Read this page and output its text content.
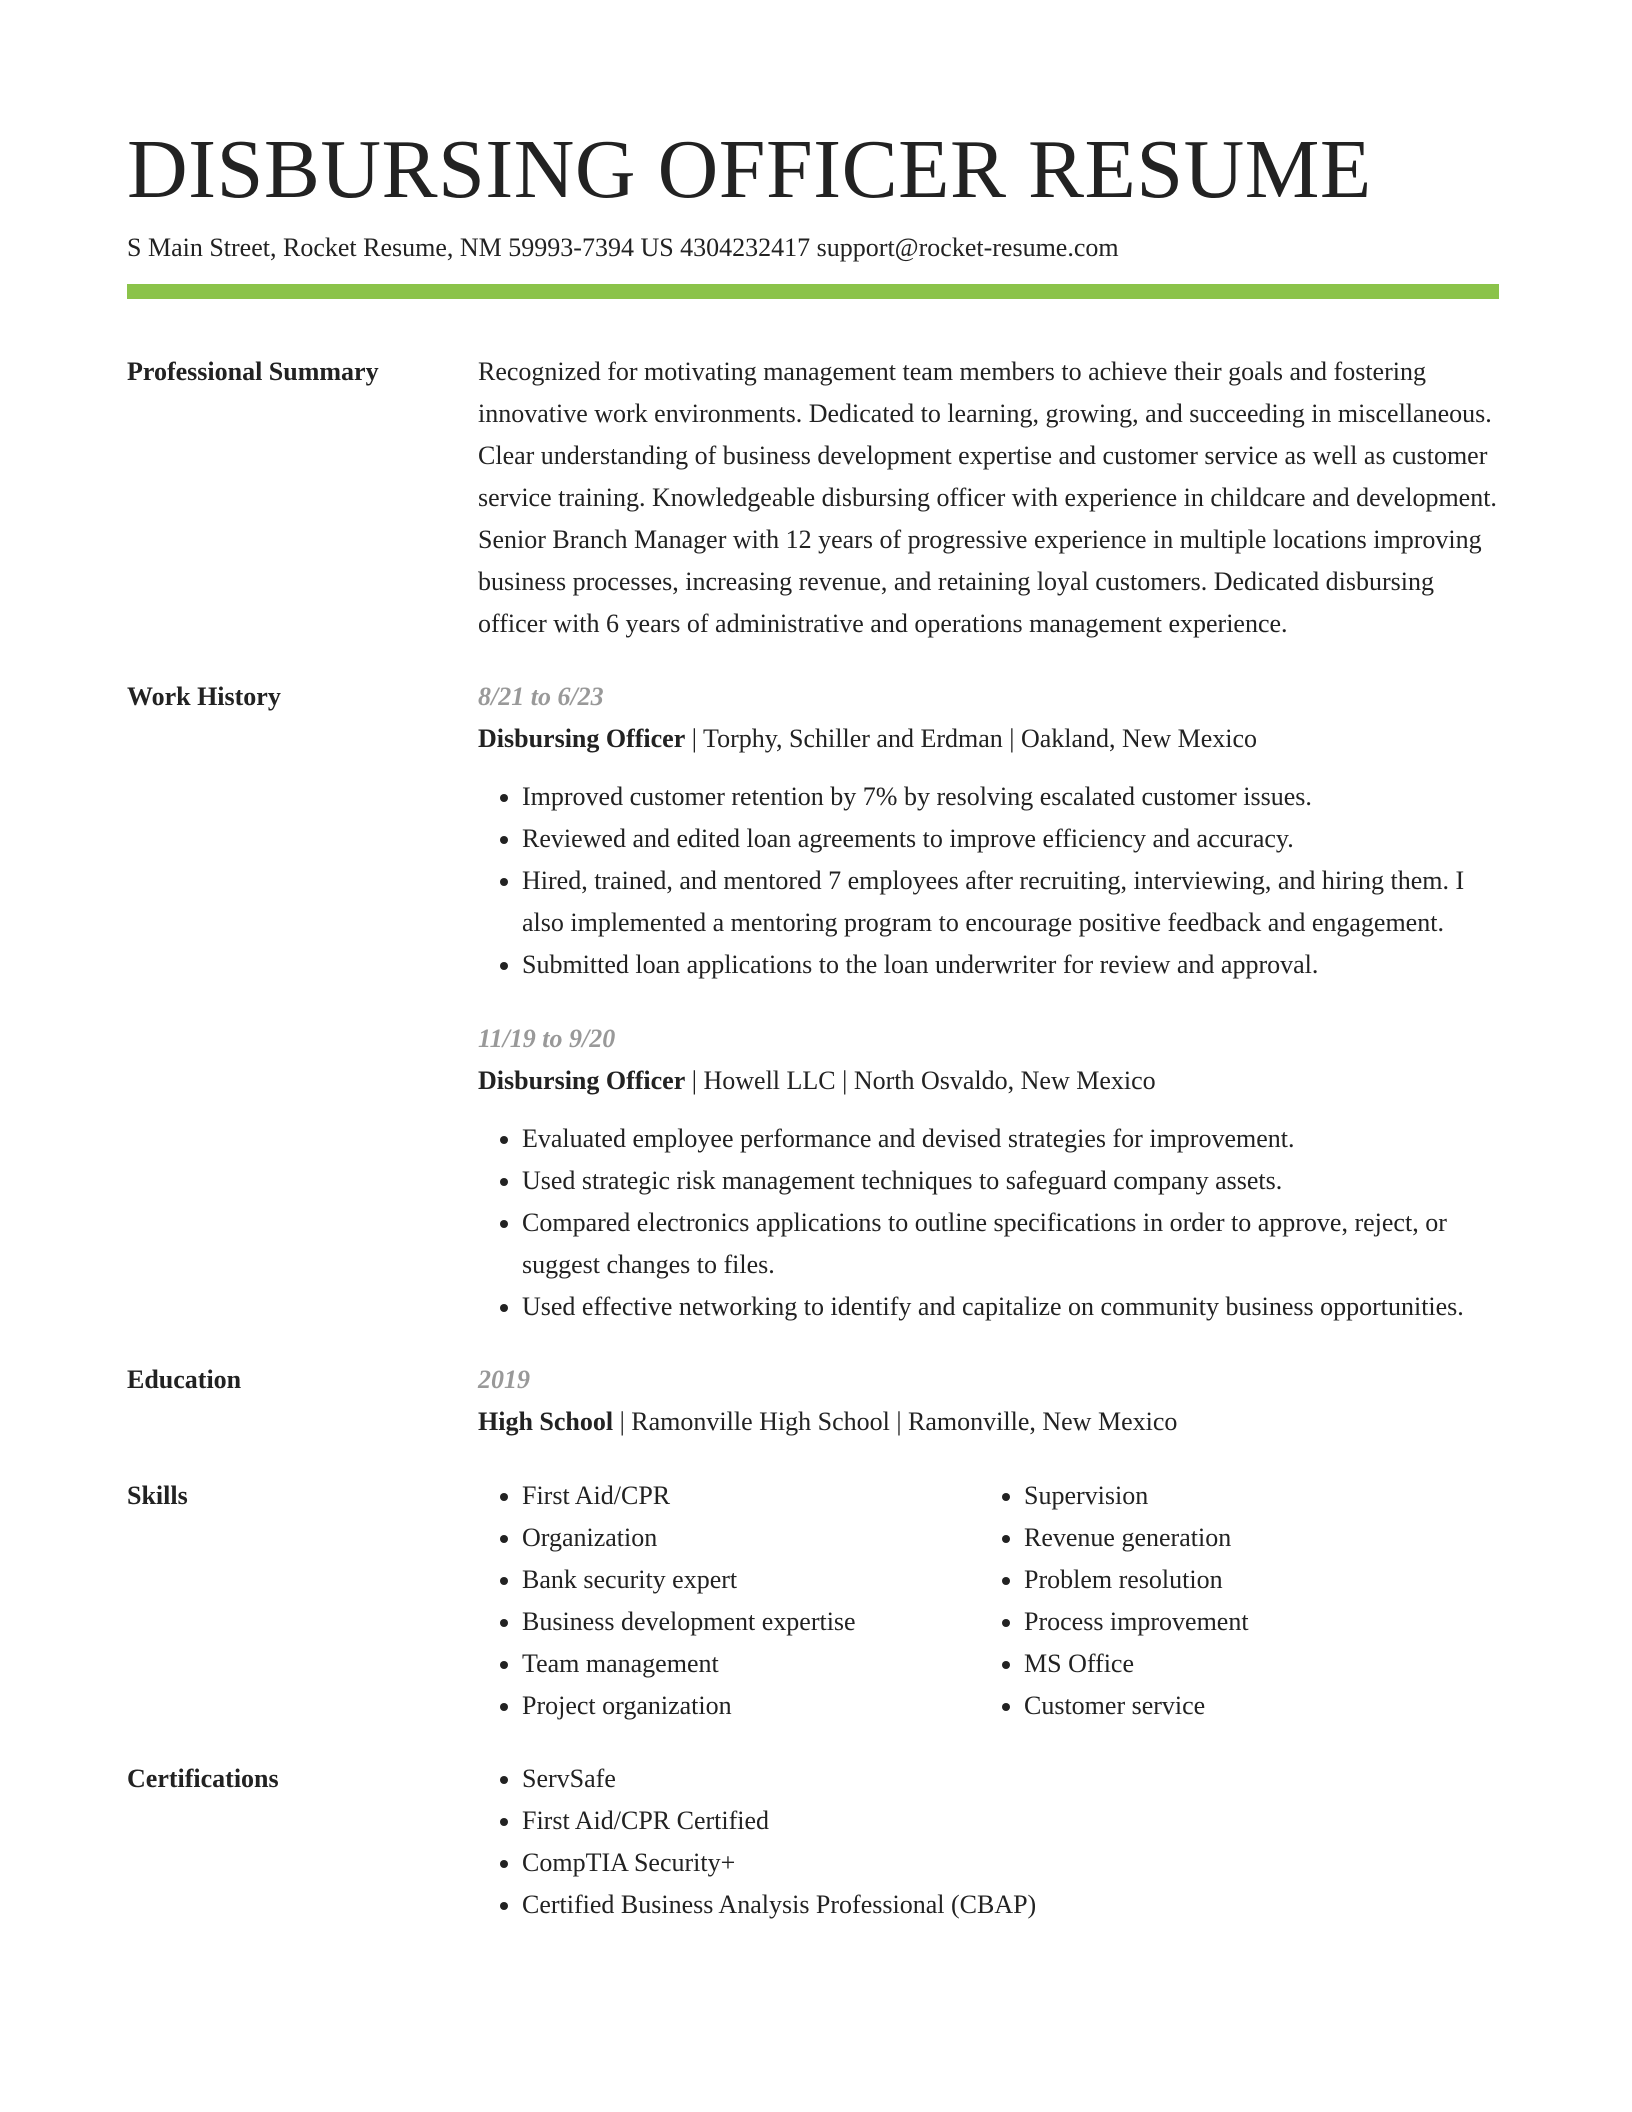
DISBURSING OFFICER RESUME
S Main Street, Rocket Resume, NM 59993-7394 US 4304232417 support@rocket-resume.com
Professional Summary	Recognized for motivating management team members to achieve their goals and fostering innovative work environments. Dedicated to learning, growing, and succeeding in miscellaneous. Clear understanding of business development expertise and customer service as well as customer service training. Knowledgeable disbursing officer with experience in childcare and development. Senior Branch Manager with 12 years of progressive experience in multiple locations improving business processes, increasing revenue, and retaining loyal customers. Dedicated disbursing officer with 6 years of administrative and operations management experience.

Work History	8/21 to 6/23
Disbursing Officer | Torphy, Schiller and Erdman | Oakland, New Mexico
• Improved customer retention by 7% by resolving escalated customer issues.
• Reviewed and edited loan agreements to improve efficiency and accuracy.
• Hired, trained, and mentored 7 employees after recruiting, interviewing, and hiring them. I also implemented a mentoring program to encourage positive feedback and engagement.
• Submitted loan applications to the loan underwriter for review and approval.
11/19 to 9/20
Disbursing Officer | Howell LLC | North Osvaldo, New Mexico
• Evaluated employee performance and devised strategies for improvement.
• Used strategic risk management techniques to safeguard company assets.
• Compared electronics applications to outline specifications in order to approve, reject, or suggest changes to files.
• Used effective networking to identify and capitalize on community business opportunities.
Education	2019
High School | Ramonville High School | Ramonville, New Mexico
Skills	• First Aid/CPR
• Organization
• Bank security expert
• Business development expertise
• Team management
• Project organization
• Supervision
• Revenue generation
• Problem resolution
• Process improvement
• MS Office
• Customer service
Certifications	• ServSafe
• First Aid/CPR Certified
• CompTIA Security+
• Certified Business Analysis Professional (CBAP)
